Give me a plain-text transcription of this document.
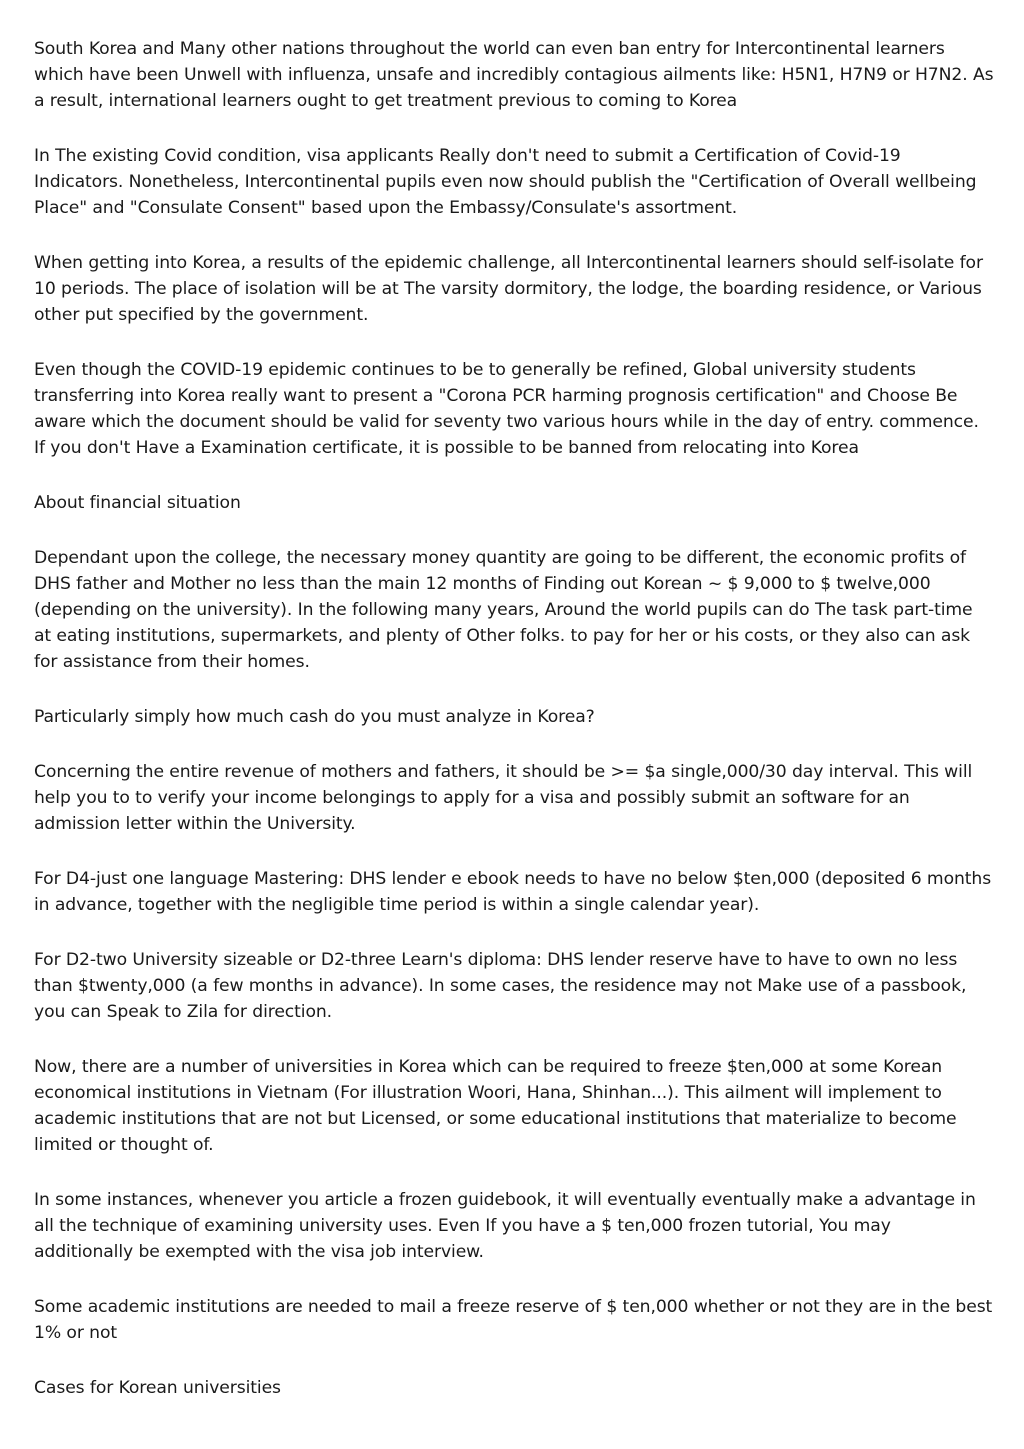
South Korea and Many other nations throughout the world can even ban entry for Intercontinental learners which have been Unwell with influenza, unsafe and incredibly contagious ailments like: H5N1, H7N9 or H7N2. As a result, international learners ought to get treatment previous to coming to Korea

In The existing Covid condition, visa applicants Really don't need to submit a Certification of Covid-19 Indicators. Nonetheless, Intercontinental pupils even now should publish the "Certification of Overall wellbeing Place" and "Consulate Consent" based upon the Embassy/Consulate's assortment.

When getting into Korea, a results of the epidemic challenge, all Intercontinental learners should self-isolate for 10 periods. The place of isolation will be at The varsity dormitory, the lodge, the boarding residence, or Various other put specified by the government.

Even though the COVID-19 epidemic continues to be to generally be refined, Global university students transferring into Korea really want to present a "Corona PCR harming prognosis certification" and Choose Be aware which the document should be valid for seventy two various hours while in the day of entry. commence. If you don't Have a Examination certificate, it is possible to be banned from relocating into Korea

About financial situation

Dependant upon the college, the necessary money quantity are going to be different, the economic profits of DHS father and Mother no less than the main 12 months of Finding out Korean ~ $ 9,000 to $ twelve,000 (depending on the university). In the following many years, Around the world pupils can do The task part-time at eating institutions, supermarkets, and plenty of Other folks. to pay for her or his costs, or they also can ask for assistance from their homes.

Particularly simply how much cash do you must analyze in Korea?

Concerning the entire revenue of mothers and fathers, it should be >= $a single,000/30 day interval. This will help you to to verify your income belongings to apply for a visa and possibly submit an software for an admission letter within the University.

For D4-just one language Mastering: DHS lender e ebook needs to have no below $ten,000 (deposited 6 months in advance, together with the negligible time period is within a single calendar year).

For D2-two University sizeable or D2-three Learn's diploma: DHS lender reserve have to have to own no less than $twenty,000 (a few months in advance). In some cases, the residence may not Make use of a passbook, you can Speak to Zila for direction.

Now, there are a number of universities in Korea which can be required to freeze $ten,000 at some Korean economical institutions in Vietnam (For illustration Woori, Hana, Shinhan...). This ailment will implement to academic institutions that are not but Licensed, or some educational institutions that materialize to become limited or thought of.

In some instances, whenever you article a frozen guidebook, it will eventually eventually make a advantage in all the technique of examining university uses. Even If you have a $ ten,000 frozen tutorial, You may additionally be exempted with the visa job interview.

Some academic institutions are needed to mail a freeze reserve of $ ten,000 whether or not they are in the best 1% or not

Cases for Korean universities
